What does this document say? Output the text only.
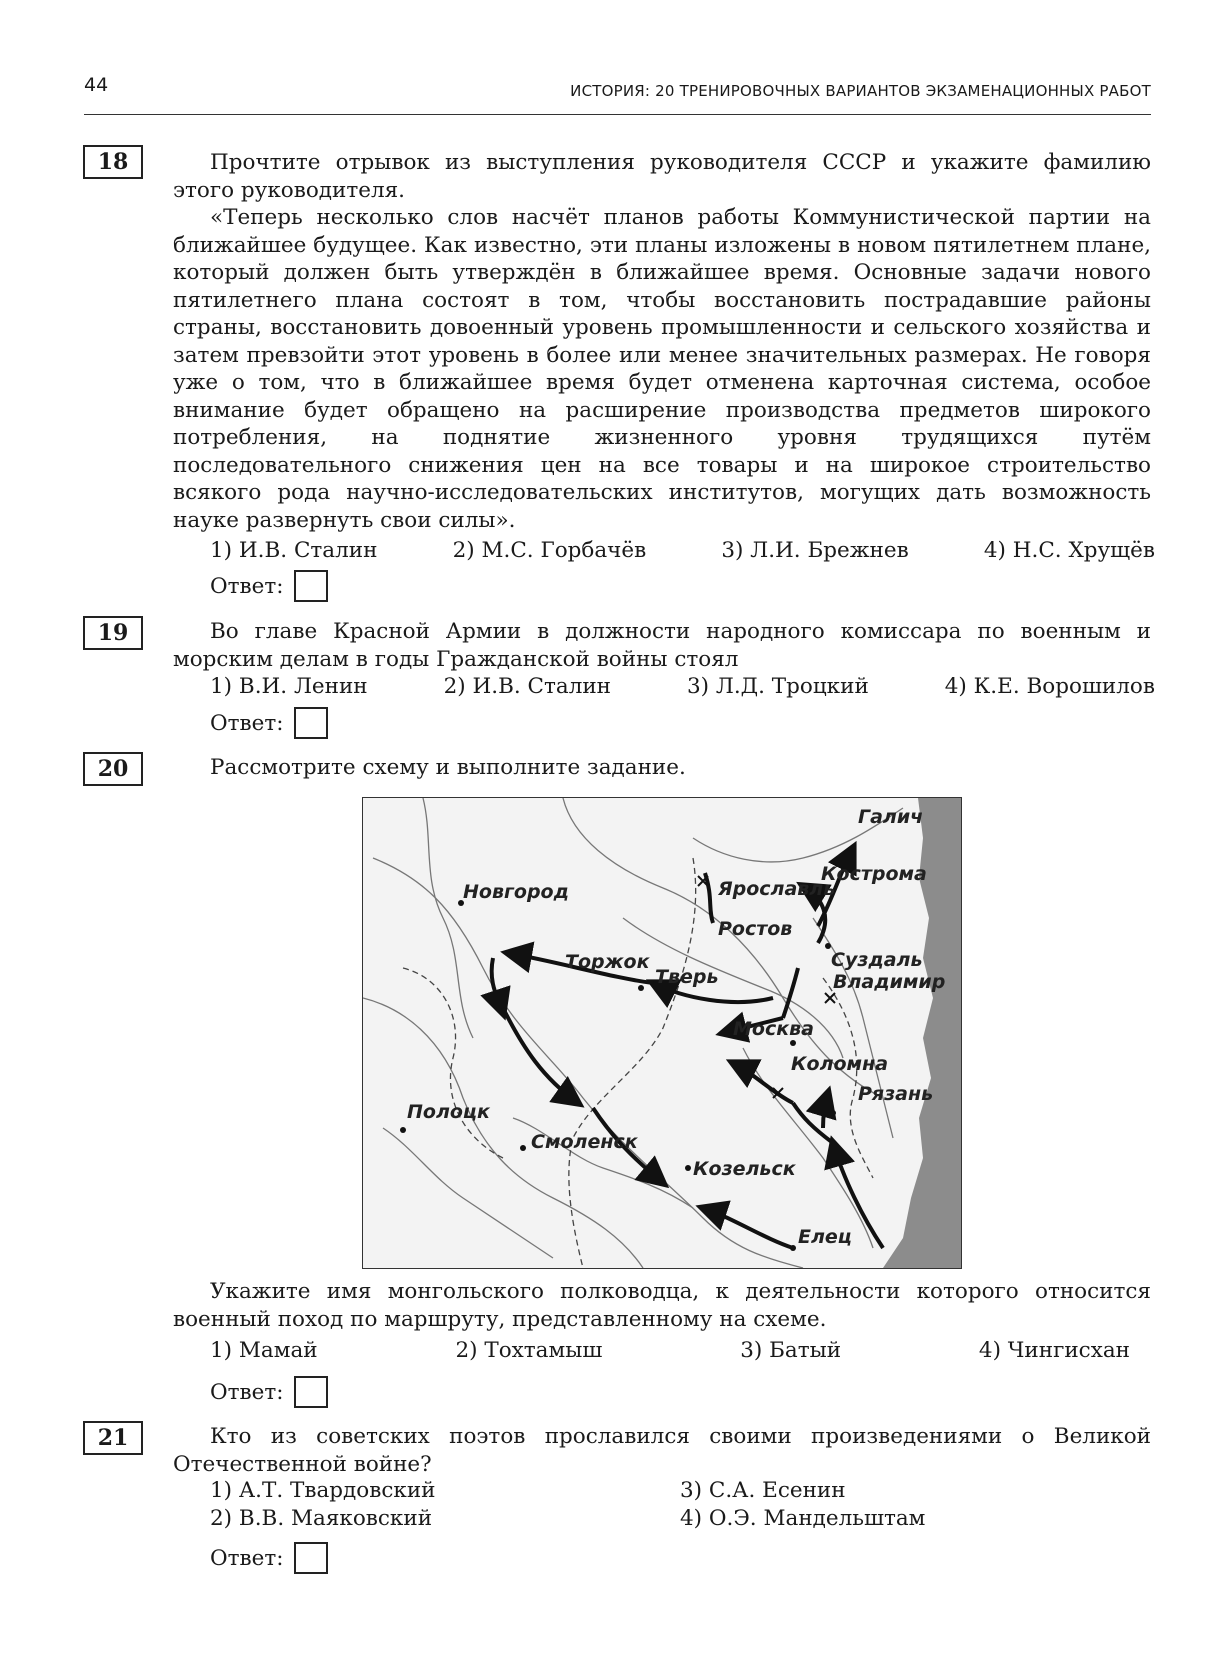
44	ИСТОРИЯ: 20 ТРЕНИРОВОЧНЫХ ВАРИАНТОВ ЭКЗАМЕНАЦИОННЫХ РАБОТ
18	Прочтите отрывок из выступления руководителя СССР и укажите фамилию этого руководителя.
«Теперь несколько слов насчёт планов работы Коммунистической партии на ближайшее будущее. Как известно, эти планы изложены в новом пятилетнем плане, который должен быть утверждён в ближайшее время. Основные задачи нового пятилетнего плана состоят в том, чтобы восстановить пострадавшие районы страны, восстановить довоенный уровень промышленности и сельского хозяйства и затем превзойти этот уровень в более или менее значительных размерах. Не говоря уже о том, что в ближайшее время будет отменена карточная система, особое внимание будет обращено на расширение производства предметов широкого потребления, на поднятие жизненного уровня трудящихся путём последовательного снижения цен на все товары и на широкое строительство всякого рода научно-исследовательских институтов, могущих дать возможность науке развернуть свои силы».
1) И.В. Сталин	2) М.С. Горбачёв	3) Л.И. Брежнев	4) Н.С. Хрущёв
Ответ:
19	Во главе Красной Армии в должности народного комиссара по военным и морским делам в годы Гражданской войны стоял
1) В.И. Ленин	2) И.В. Сталин	3) Л.Д. Троцкий	4) К.Е. Ворошилов
Ответ:
20	Рассмотрите схему и выполните задание.
Галич
Кострома
Ярославль
Новгород
Ростов
Торжок
Тверь
Суздаль
Владимир
Москва
Коломна
Рязань
Полоцк
Смоленск
Козельск
Елец
Укажите имя монгольского полководца, к деятельности которого относится военный поход по маршруту, представленному на схеме.
1) Мамай	2) Тохтамыш	3) Батый	4) Чингисхан
Ответ:
21	Кто из советских поэтов прославился своими произведениями о Великой Отечественной войне?
1) А.Т. Твардовский
2) В.В. Маяковский
3) С.А. Есенин
4) О.Э. Мандельштам
Ответ:
